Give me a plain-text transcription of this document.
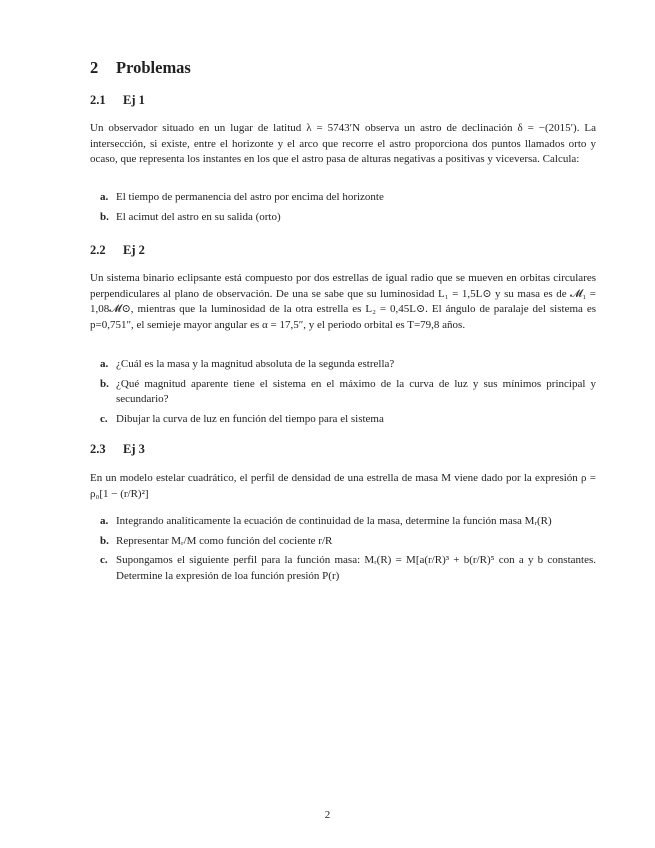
2 Problemas
2.1 Ej 1

Un observador situado en un lugar de latitud λ = 5743′N observa un astro de declinación δ = −(2015′). La intersección, si existe, entre el horizonte y el arco que recorre el astro proporciona dos puntos llamados orto y ocaso, que representa los instantes en los que el astro pasa de alturas negativas a positivas y viceversa. Calcula:

a. El tiempo de permanencia del astro por encima del horizonte
b. El acimut del astro en su salida (orto)
2.2 Ej 2

Un sistema binario eclipsante está compuesto por dos estrellas de igual radio que se mueven en orbitas circulares perpendiculares al plano de observación. De una se sabe que su luminosidad L₁ = 1,5L⊙ y su masa es de 𝓜₁ = 1,08𝓜⊙, mientras que la luminosidad de la otra estrella es L₂ = 0,45L⊙. El ángulo de paralaje del sistema es p=0,751", el semieje mayor angular es α = 17,5″, y el periodo orbital es T=79,8 años.

a. ¿Cuál es la masa y la magnitud absoluta de la segunda estrella?
b. ¿Qué magnitud aparente tiene el sistema en el máximo de la curva de luz y sus mínimos principal y secundario?
c. Dibujar la curva de luz en función del tiempo para el sistema
2.3 Ej 3

En un modelo estelar cuadrático, el perfil de densidad de una estrella de masa M viene dado por la expresión ρ = ρ₀[1 − (r/R)²]

a. Integrando analíticamente la ecuación de continuidad de la masa, determine la función masa Mᵣ(R)
b. Representar Mᵣ/M como función del cociente r/R
c. Supongamos el siguiente perfil para la función masa: Mᵣ(R) = M[a(r/R)³ + b(r/R)⁵ con a y b constantes. Determine la expresión de loa función presión P(r)
2
